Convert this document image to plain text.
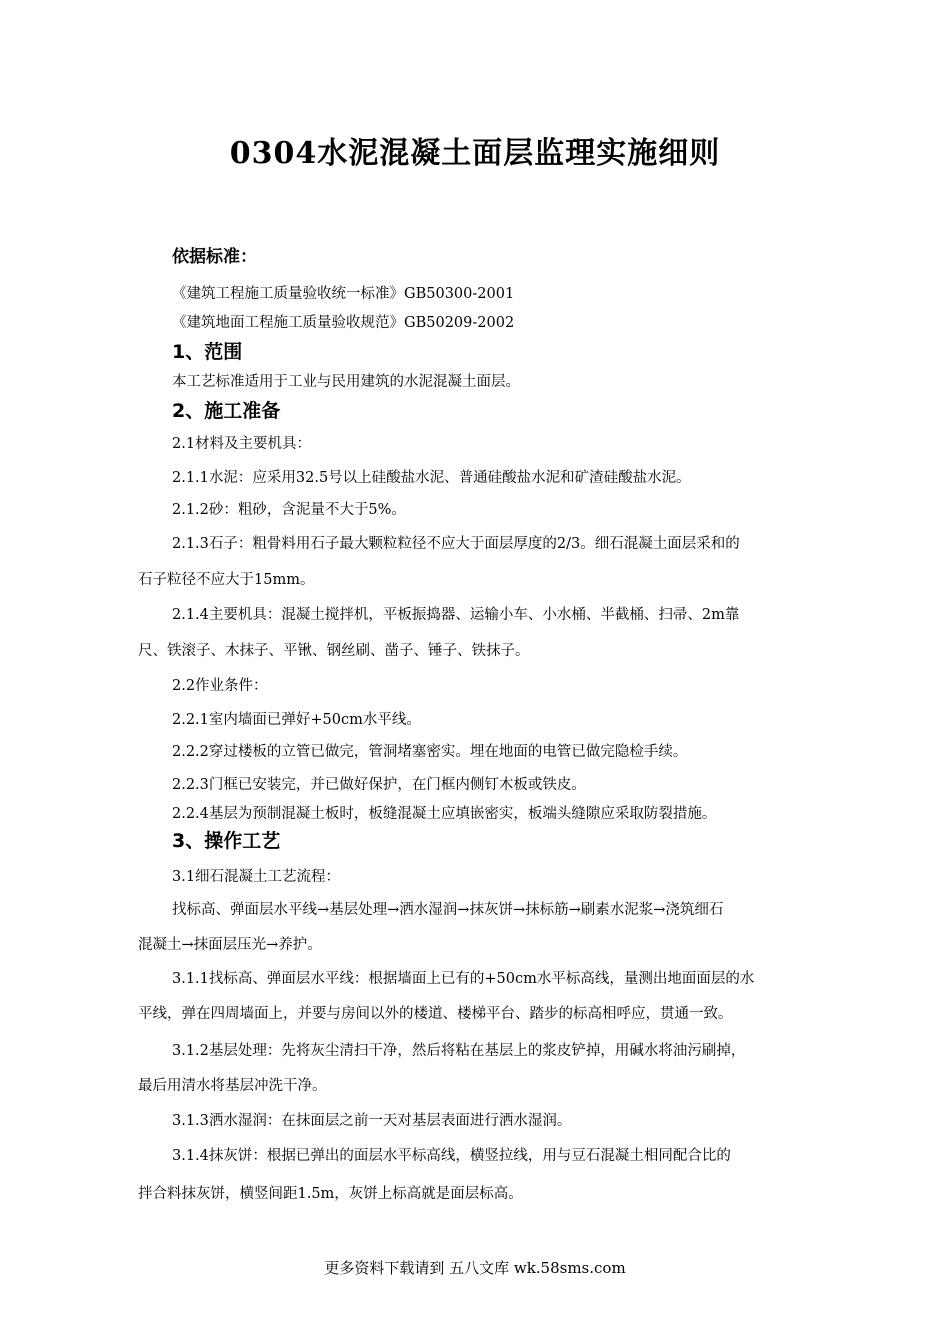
0304水泥混凝土面层监理实施细则
依据标准：
《建筑工程施工质量验收统一标准》GB50300-2001
《建筑地面工程施工质量验收规范》GB50209-2002
1、范围
本工艺标准适用于工业与民用建筑的水泥混凝土面层。
2、施工准备
2.1材料及主要机具：
2.1.1水泥：应采用32.5号以上硅酸盐水泥、普通硅酸盐水泥和矿渣硅酸盐水泥。
2.1.2砂：粗砂，含泥量不大于5%。
2.1.3石子：粗骨料用石子最大颗粒粒径不应大于面层厚度的2/3。细石混凝土面层采和的
石子粒径不应大于15mm。
2.1.4主要机具：混凝土搅拌机，平板振捣器、运输小车、小水桶、半截桶、扫帚、2m靠
尺、铁滚子、木抹子、平锹、钢丝刷、凿子、锤子、铁抹子。
2.2作业条件：
2.2.1室内墙面已弹好+50cm水平线。
2.2.2穿过楼板的立管已做完，管洞堵塞密实。埋在地面的电管已做完隐检手续。
2.2.3门框已安装完，并已做好保护，在门框内侧钉木板或铁皮。
2.2.4基层为预制混凝土板时，板缝混凝土应填嵌密实，板端头缝隙应采取防裂措施。
3、操作工艺
3.1细石混凝土工艺流程：
找标高、弹面层水平线→基层处理→洒水湿润→抹灰饼→抹标筋→刷素水泥浆→浇筑细石
混凝土→抹面层压光→养护。
3.1.1找标高、弹面层水平线：根据墙面上已有的+50cm水平标高线，量测出地面面层的水
平线，弹在四周墙面上，并要与房间以外的楼道、楼梯平台、踏步的标高相呼应，贯通一致。
3.1.2基层处理：先将灰尘清扫干净，然后将粘在基层上的浆皮铲掉，用碱水将油污刷掉，
最后用清水将基层冲洗干净。
3.1.3洒水湿润：在抹面层之前一天对基层表面进行洒水湿润。
3.1.4抹灰饼：根据已弹出的面层水平标高线，横竖拉线，用与豆石混凝土相同配合比的
拌合料抹灰饼，横竖间距1.5m，灰饼上标高就是面层标高。
更多资料下载请到 五八文库 wk.58sms.com
